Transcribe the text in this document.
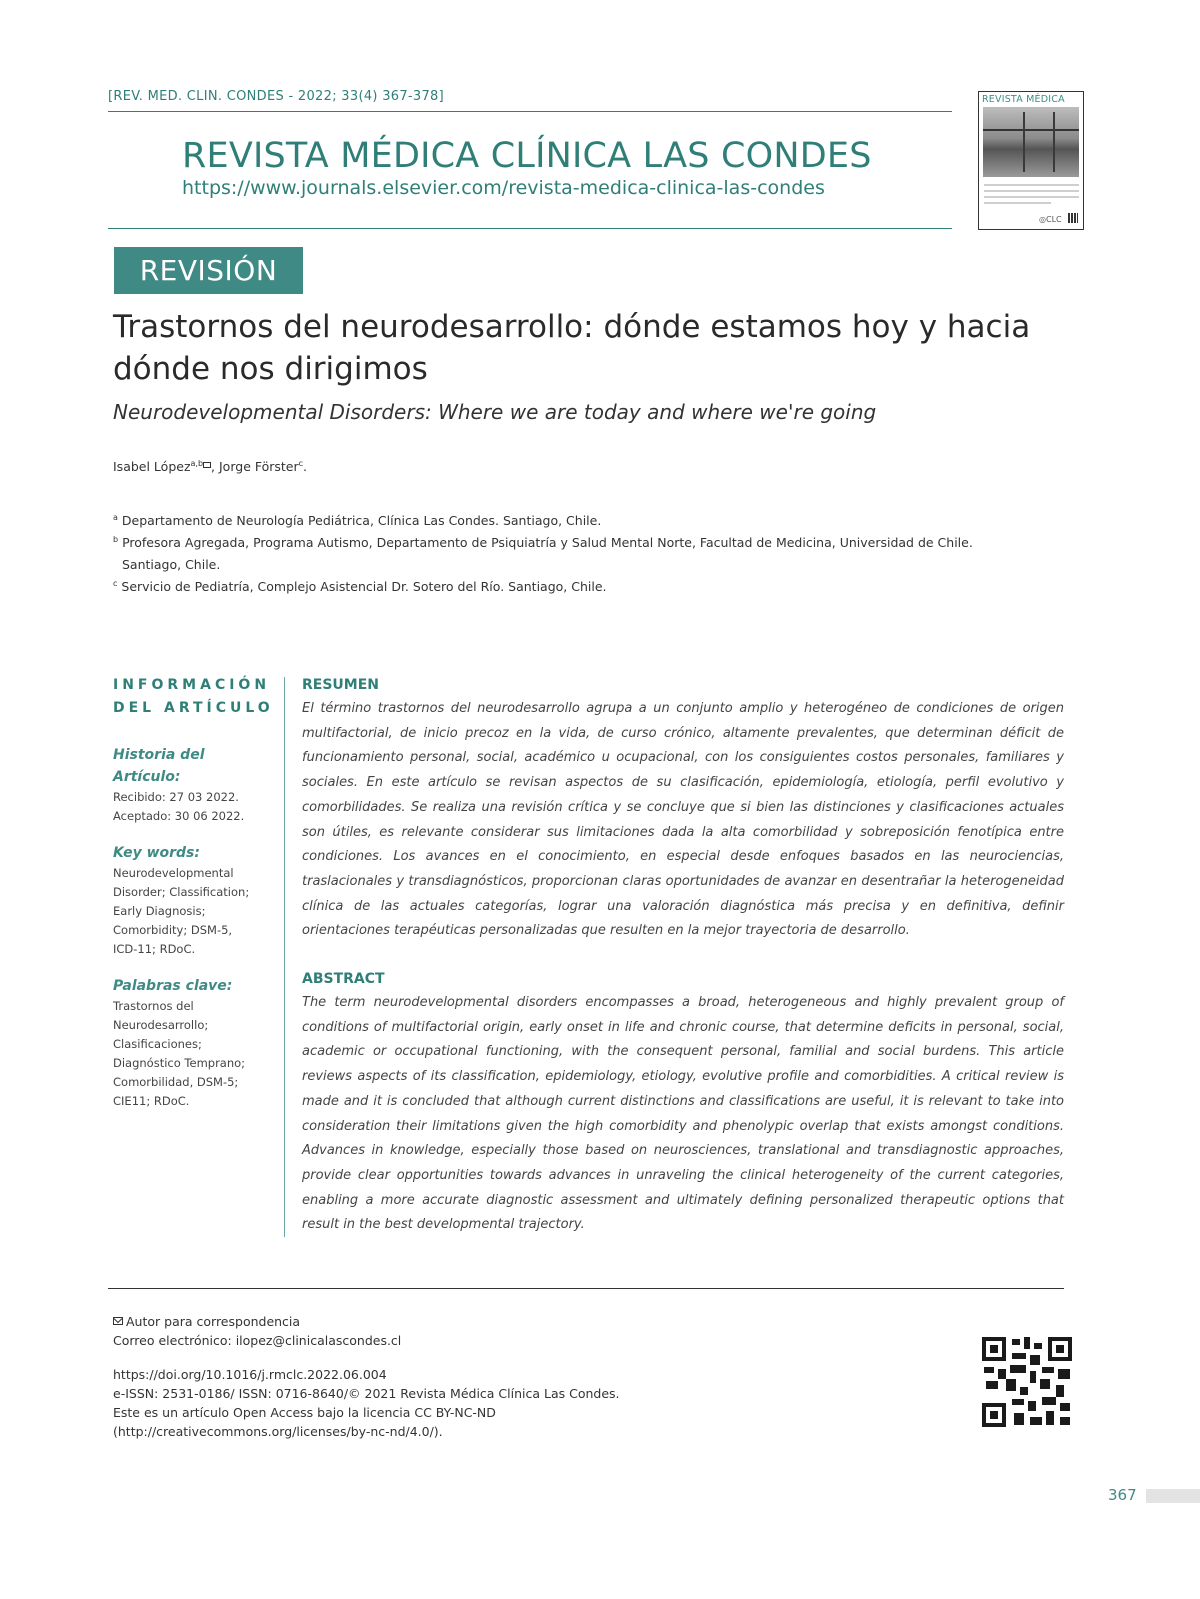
[REV. MED. CLIN. CONDES - 2022; 33(4) 367-378]
REVISTA MÉDICA CLÍNICA LAS CONDES
https://www.journals.elsevier.com/revista-medica-clinica-las-condes
REVISTA MÉDICA
◎CLC
REVISIÓN
Trastornos del neurodesarrollo: dónde estamos hoy y hacia dónde nos dirigimos
Neurodevelopmental Disorders: Where we are today and where we're going
Isabel López$^{a,b}$ , Jorge Förster$^c$.
$^a$ Departamento de Neurología Pediátrica, Clínica Las Condes. Santiago, Chile.
$^b$ Profesora Agregada, Programa Autismo, Departamento de Psiquiatría y Salud Mental Norte, Facultad de Medicina, Universidad de Chile.
Santiago, Chile.
$^c$ Servicio de Pediatría, Complejo Asistencial Dr. Sotero del Río. Santiago, Chile.
INFORMACIÓN
DEL ARTÍCULO
Historia del
Artículo:
Recibido: 27 03 2022.
Aceptado: 30 06 2022.
Key words:
Neurodevelopmental
Disorder; Classification;
Early Diagnosis;
Comorbidity; DSM-5,
ICD-11; RDoC.
Palabras clave:
Trastornos del
Neurodesarrollo;
Clasificaciones;
Diagnóstico Temprano;
Comorbilidad, DSM-5;
CIE11; RDoC.
RESUMEN
El término trastornos del neurodesarrollo agrupa a un conjunto amplio y heterogéneo de condiciones de origen multifactorial, de inicio precoz en la vida, de curso crónico, altamente prevalentes, que determinan déficit de funcionamiento personal, social, académico u ocupacional, con los consiguientes costos personales, familiares y sociales. En este artículo se revisan aspectos de su clasificación, epidemiología, etiología, perfil evolutivo y comorbilidades. Se realiza una revisión crítica y se concluye que si bien las distinciones y clasificaciones actuales son útiles, es relevante considerar sus limitaciones dada la alta comorbilidad y sobreposición fenotípica entre condiciones. Los avances en el conocimiento, en especial desde enfoques basados en las neurociencias, traslacionales y transdiagnósticos, proporcionan claras oportunidades de avanzar en desentrañar la heterogeneidad clínica de las actuales categorías, lograr una valoración diagnóstica más precisa y en definitiva, definir orientaciones terapéuticas personalizadas que resulten en la mejor trayectoria de desarrollo.
ABSTRACT
The term neurodevelopmental disorders encompasses a broad, heterogeneous and highly prevalent group of conditions of multifactorial origin, early onset in life and chronic course, that determine deficits in personal, social, academic or occupational functioning, with the consequent personal, familial and social burdens. This article reviews aspects of its classification, epidemiology, etiology, evolutive profile and comorbidities. A critical review is made and it is concluded that although current distinctions and classifications are useful, it is relevant to take into consideration their limitations given the high comorbidity and phenolypic overlap that exists amongst conditions. Advances in knowledge, especially those based on neurosciences, translational and transdiagnostic approaches, provide clear opportunities towards advances in unraveling the clinical heterogeneity of the current categories, enabling a more accurate diagnostic assessment and ultimately defining personalized therapeutic options that result in the best developmental trajectory.
Autor para correspondencia
Correo electrónico: ilopez@clinicalascondes.cl
https://doi.org/10.1016/j.rmclc.2022.06.004
e-ISSN: 2531-0186/ ISSN: 0716-8640/© 2021 Revista Médica Clínica Las Condes.
Este es un artículo Open Access bajo la licencia CC BY-NC-ND
(http://creativecommons.org/licenses/by-nc-nd/4.0/).
367
